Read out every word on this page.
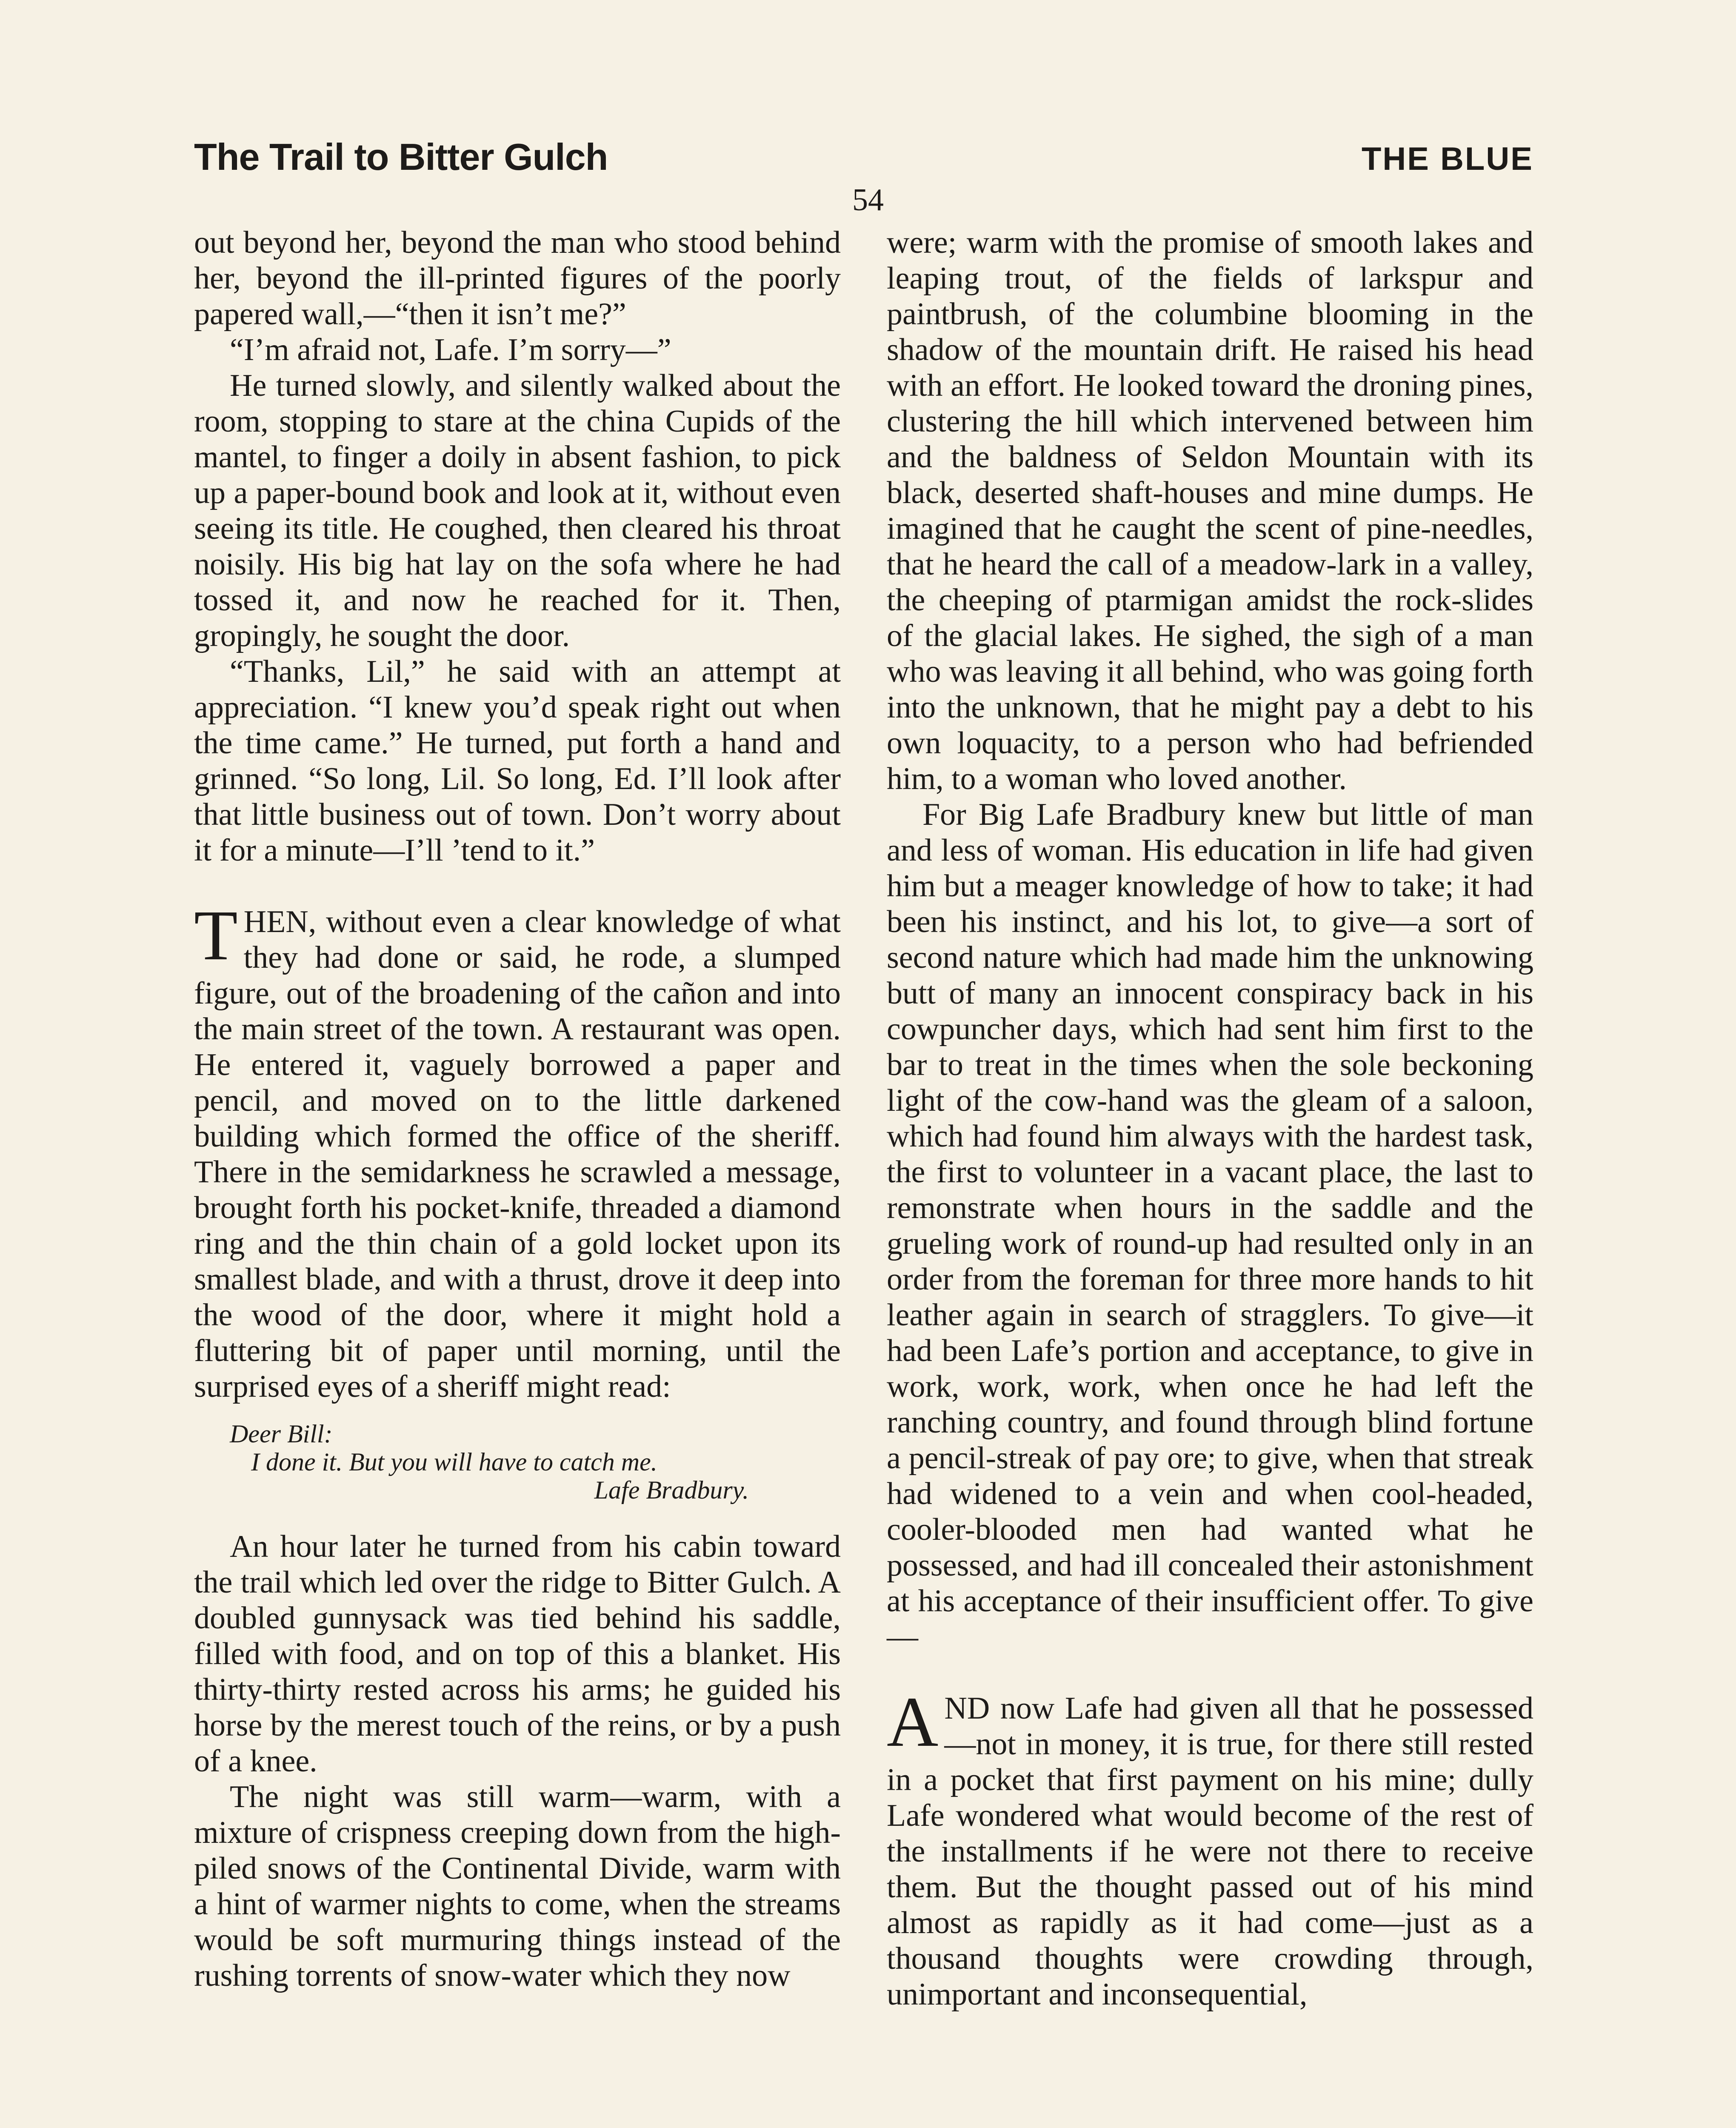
The Trail to Bitter Gulch	THE BLUE
54

out beyond her, beyond the man who stood behind her, beyond the ill-printed figures of the poorly papered wall,—“then it isn’t me?”

“I’m afraid not, Lafe. I’m sorry—”

He turned slowly, and silently walked about the room, stopping to stare at the china Cupids of the mantel, to finger a doily in absent fashion, to pick up a paper-bound book and look at it, without even seeing its title. He coughed, then cleared his throat noisily. His big hat lay on the sofa where he had tossed it, and now he reached for it. Then, gropingly, he sought the door.

“Thanks, Lil,” he said with an attempt at appreciation. “I knew you’d speak right out when the time came.” He turned, put forth a hand and grinned. “So long, Lil. So long, Ed. I’ll look after that little business out of town. Don’t worry about it for a minute—I’ll ’tend to it.”

THEN, without even a clear knowledge of what they had done or said, he rode, a slumped figure, out of the broadening of the cañon and into the main street of the town. A restaurant was open. He entered it, vaguely borrowed a paper and pencil, and moved on to the little darkened building which formed the office of the sheriff. There in the semidarkness he scrawled a message, brought forth his pocket-knife, threaded a diamond ring and the thin chain of a gold locket upon its smallest blade, and with a thrust, drove it deep into the wood of the door, where it might hold a fluttering bit of paper until morning, until the surprised eyes of a sheriff might read:

Deer Bill:
I done it. But you will have to catch me.
Lafe Bradbury.

An hour later he turned from his cabin toward the trail which led over the ridge to Bitter Gulch. A doubled gunnysack was tied behind his saddle, filled with food, and on top of this a blanket. His thirty-thirty rested across his arms; he guided his horse by the merest touch of the reins, or by a push of a knee.

The night was still warm—warm, with a mixture of crispness creeping down from the high-piled snows of the Continental Divide, warm with a hint of warmer nights to come, when the streams would be soft murmuring things instead of the rushing torrents of snow-water which they now

were; warm with the promise of smooth lakes and leaping trout, of the fields of larkspur and paintbrush, of the columbine blooming in the shadow of the mountain drift. He raised his head with an effort. He looked toward the droning pines, clustering the hill which intervened between him and the baldness of Seldon Mountain with its black, deserted shaft-houses and mine dumps. He imagined that he caught the scent of pine-needles, that he heard the call of a meadow-lark in a valley, the cheeping of ptarmigan amidst the rock-slides of the glacial lakes. He sighed, the sigh of a man who was leaving it all behind, who was going forth into the unknown, that he might pay a debt to his own loquacity, to a person who had befriended him, to a woman who loved another.

For Big Lafe Bradbury knew but little of man and less of woman. His education in life had given him but a meager knowledge of how to take; it had been his instinct, and his lot, to give—a sort of second nature which had made him the unknowing butt of many an innocent conspiracy back in his cowpuncher days, which had sent him first to the bar to treat in the times when the sole beckoning light of the cow-hand was the gleam of a saloon, which had found him always with the hardest task, the first to volunteer in a vacant place, the last to remonstrate when hours in the saddle and the grueling work of round-up had resulted only in an order from the foreman for three more hands to hit leather again in search of stragglers. To give—it had been Lafe’s portion and acceptance, to give in work, work, work, when once he had left the ranching country, and found through blind fortune a pencil-streak of pay ore; to give, when that streak had widened to a vein and when cool-headed, cooler-blooded men had wanted what he possessed, and had ill concealed their astonishment at his acceptance of their insufficient offer. To give—

AND now Lafe had given all that he possessed—not in money, it is true, for there still rested in a pocket that first payment on his mine; dully Lafe wondered what would become of the rest of the installments if he were not there to receive them. But the thought passed out of his mind almost as rapidly as it had come—just as a thousand thoughts were crowding through, unimportant and inconsequential,
